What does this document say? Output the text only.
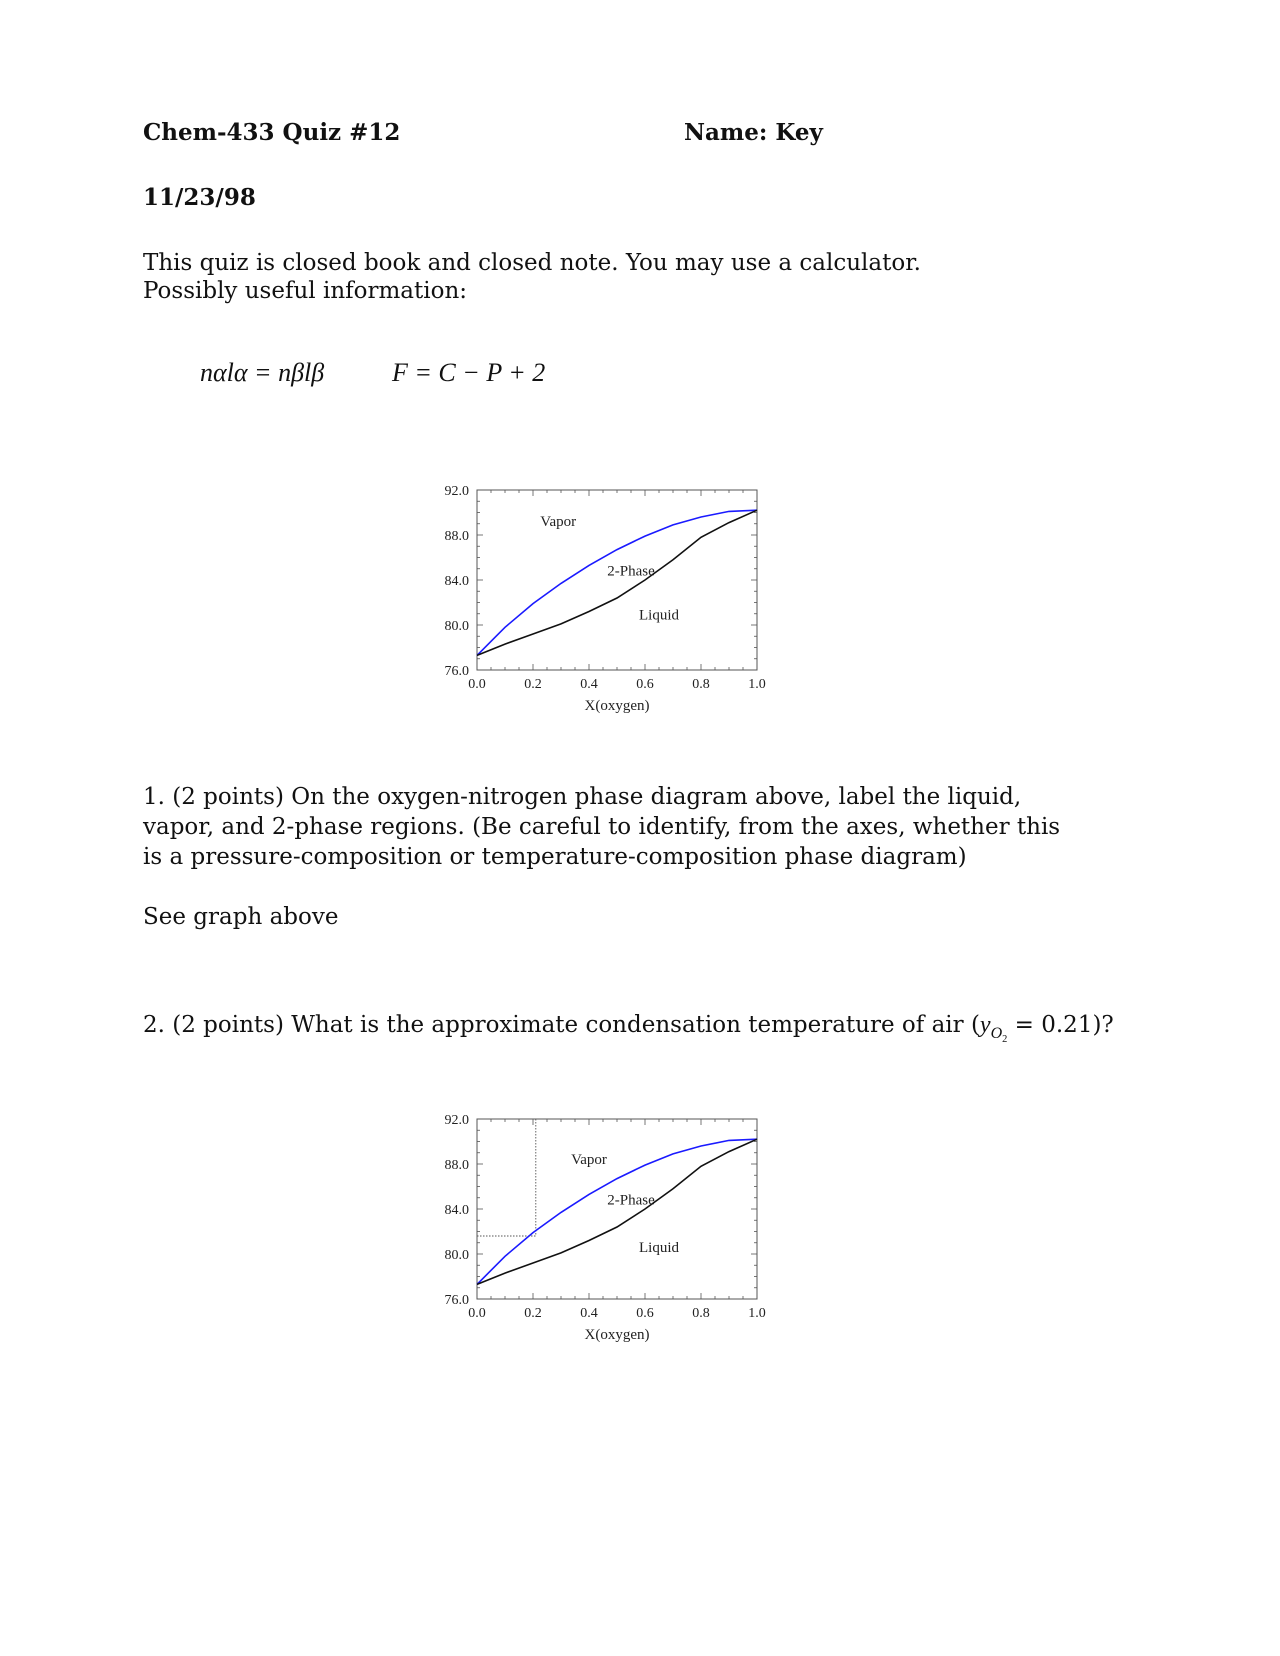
Chem-433 Quiz #12	Name: Key
11/23/98
This quiz is closed book and closed note. You may use a calculator.
Possibly useful information:
nαlα = nβlβ	F = C − P + 2
0.0	0.2	0.4	0.6	0.8	1.0
76.0
80.0
84.0
88.0
92.0
X(oxygen)
Vapor
2-Phase
Liquid
1. (2 points) On the oxygen-nitrogen phase diagram above, label the liquid, vapor, and 2-phase regions. (Be careful to identify, from the axes, whether this is a pressure-composition or temperature-composition phase diagram)
See graph above
2. (2 points) What is the approximate condensation temperature of air $(y_{O_2} = 0.21)$?
0.0	0.2	0.4	0.6	0.8	1.0
76.0
80.0
84.0
88.0
92.0
X(oxygen)
Vapor
2-Phase
Liquid
